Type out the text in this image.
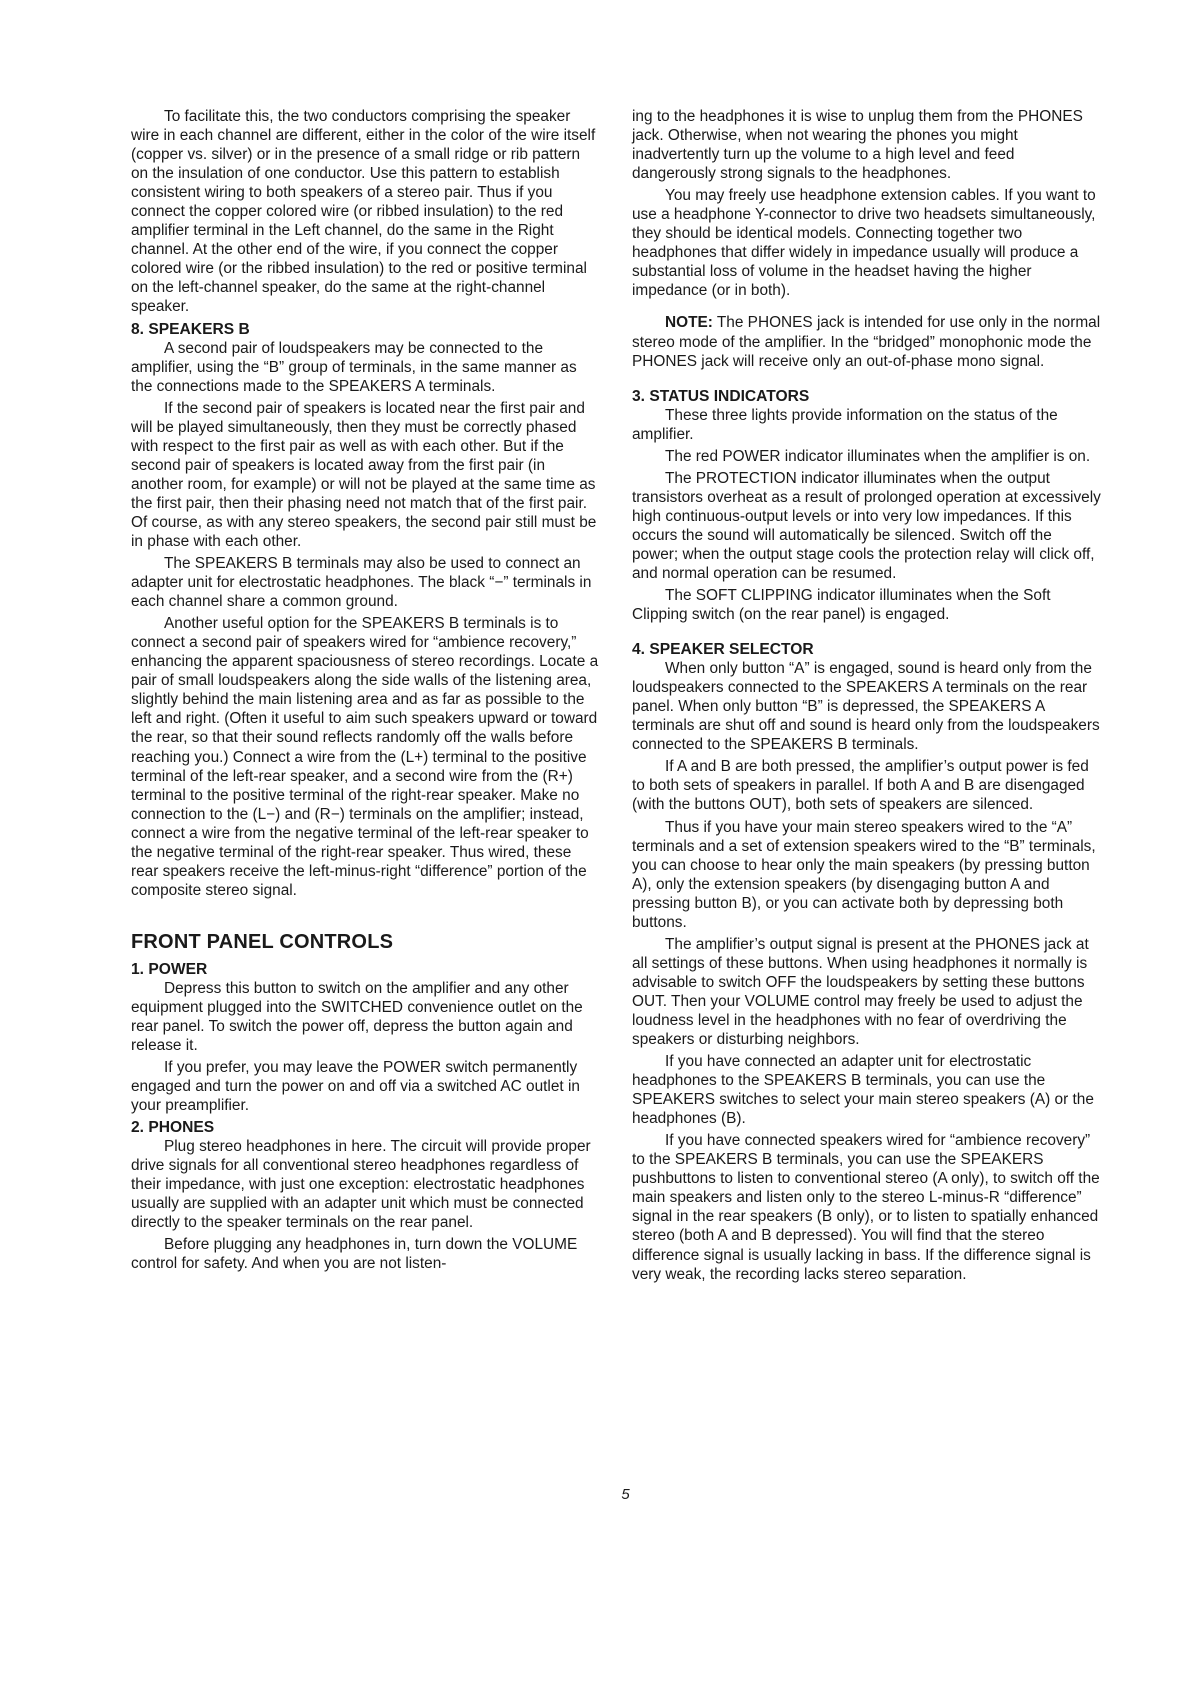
To facilitate this, the two conductors comprising the speaker wire in each channel are different, either in the color of the wire itself (copper vs. silver) or in the presence of a small ridge or rib pattern on the insulation of one conductor. Use this pattern to establish consistent wiring to both speakers of a stereo pair. Thus if you connect the copper colored wire (or ribbed insulation) to the red amplifier terminal in the Left channel, do the same in the Right channel. At the other end of the wire, if you connect the copper colored wire (or the ribbed insulation) to the red or positive terminal on the left-channel speaker, do the same at the right-channel speaker.

8. SPEAKERS B

A second pair of loudspeakers may be connected to the amplifier, using the “B” group of terminals, in the same manner as the connections made to the SPEAKERS A terminals.

If the second pair of speakers is located near the first pair and will be played simultaneously, then they must be correctly phased with respect to the first pair as well as with each other. But if the second pair of speakers is located away from the first pair (in another room, for example) or will not be played at the same time as the first pair, then their phasing need not match that of the first pair. Of course, as with any stereo speakers, the second pair still must be in phase with each other.

The SPEAKERS B terminals may also be used to connect an adapter unit for electrostatic headphones. The black “−” terminals in each channel share a common ground.

Another useful option for the SPEAKERS B terminals is to connect a second pair of speakers wired for “ambience recovery,” enhancing the apparent spaciousness of stereo recordings. Locate a pair of small loudspeakers along the side walls of the listening area, slightly behind the main listening area and as far as possible to the left and right. (Often it useful to aim such speakers upward or toward the rear, so that their sound reflects randomly off the walls before reaching you.) Connect a wire from the (L+) terminal to the positive terminal of the left-rear speaker, and a second wire from the (R+) terminal to the positive terminal of the right-rear speaker. Make no connection to the (L−) and (R−) terminals on the amplifier; instead, connect a wire from the negative terminal of the left-rear speaker to the negative terminal of the right-rear speaker. Thus wired, these rear speakers receive the left-minus-right “difference” portion of the composite stereo signal.

FRONT PANEL CONTROLS
1. POWER

Depress this button to switch on the amplifier and any other equipment plugged into the SWITCHED convenience outlet on the rear panel. To switch the power off, depress the button again and release it.

If you prefer, you may leave the POWER switch permanently engaged and turn the power on and off via a switched AC outlet in your preamplifier.

2. PHONES

Plug stereo headphones in here. The circuit will provide proper drive signals for all conventional stereo headphones regardless of their impedance, with just one exception: electrostatic headphones usually are supplied with an adapter unit which must be connected directly to the speaker terminals on the rear panel.

Before plugging any headphones in, turn down the VOLUME control for safety. And when you are not listen-

ing to the headphones it is wise to unplug them from the PHONES jack. Otherwise, when not wearing the phones you might inadvertently turn up the volume to a high level and feed dangerously strong signals to the headphones.

You may freely use headphone extension cables. If you want to use a headphone Y-connector to drive two headsets simultaneously, they should be identical models. Connecting together two headphones that differ widely in impedance usually will produce a substantial loss of volume in the headset having the higher impedance (or in both).

NOTE: The PHONES jack is intended for use only in the normal stereo mode of the amplifier. In the “bridged” monophonic mode the PHONES jack will receive only an out-of-phase mono signal.

3. STATUS INDICATORS

These three lights provide information on the status of the amplifier.

The red POWER indicator illuminates when the amplifier is on.

The PROTECTION indicator illuminates when the output transistors overheat as a result of prolonged operation at excessively high continuous-output levels or into very low impedances. If this occurs the sound will automatically be silenced. Switch off the power; when the output stage cools the protection relay will click off, and normal operation can be resumed.

The SOFT CLIPPING indicator illuminates when the Soft Clipping switch (on the rear panel) is engaged.

4. SPEAKER SELECTOR

When only button “A” is engaged, sound is heard only from the loudspeakers connected to the SPEAKERS A terminals on the rear panel. When only button “B” is depressed, the SPEAKERS A terminals are shut off and sound is heard only from the loudspeakers connected to the SPEAKERS B terminals.

If A and B are both pressed, the amplifier’s output power is fed to both sets of speakers in parallel. If both A and B are disengaged (with the buttons OUT), both sets of speakers are silenced.

Thus if you have your main stereo speakers wired to the “A” terminals and a set of extension speakers wired to the “B” terminals, you can choose to hear only the main speakers (by pressing button A), only the extension speakers (by disengaging button A and pressing button B), or you can activate both by depressing both buttons.

The amplifier’s output signal is present at the PHONES jack at all settings of these buttons. When using headphones it normally is advisable to switch OFF the loudspeakers by setting these buttons OUT. Then your VOLUME control may freely be used to adjust the loudness level in the headphones with no fear of overdriving the speakers or disturbing neighbors.

If you have connected an adapter unit for electrostatic headphones to the SPEAKERS B terminals, you can use the SPEAKERS switches to select your main stereo speakers (A) or the headphones (B).

If you have connected speakers wired for “ambience recovery” to the SPEAKERS B terminals, you can use the SPEAKERS pushbuttons to listen to conventional stereo (A only), to switch off the main speakers and listen only to the stereo L-minus-R “difference” signal in the rear speakers (B only), or to listen to spatially enhanced stereo (both A and B depressed). You will find that the stereo difference signal is usually lacking in bass. If the difference signal is very weak, the recording lacks stereo separation.

5
